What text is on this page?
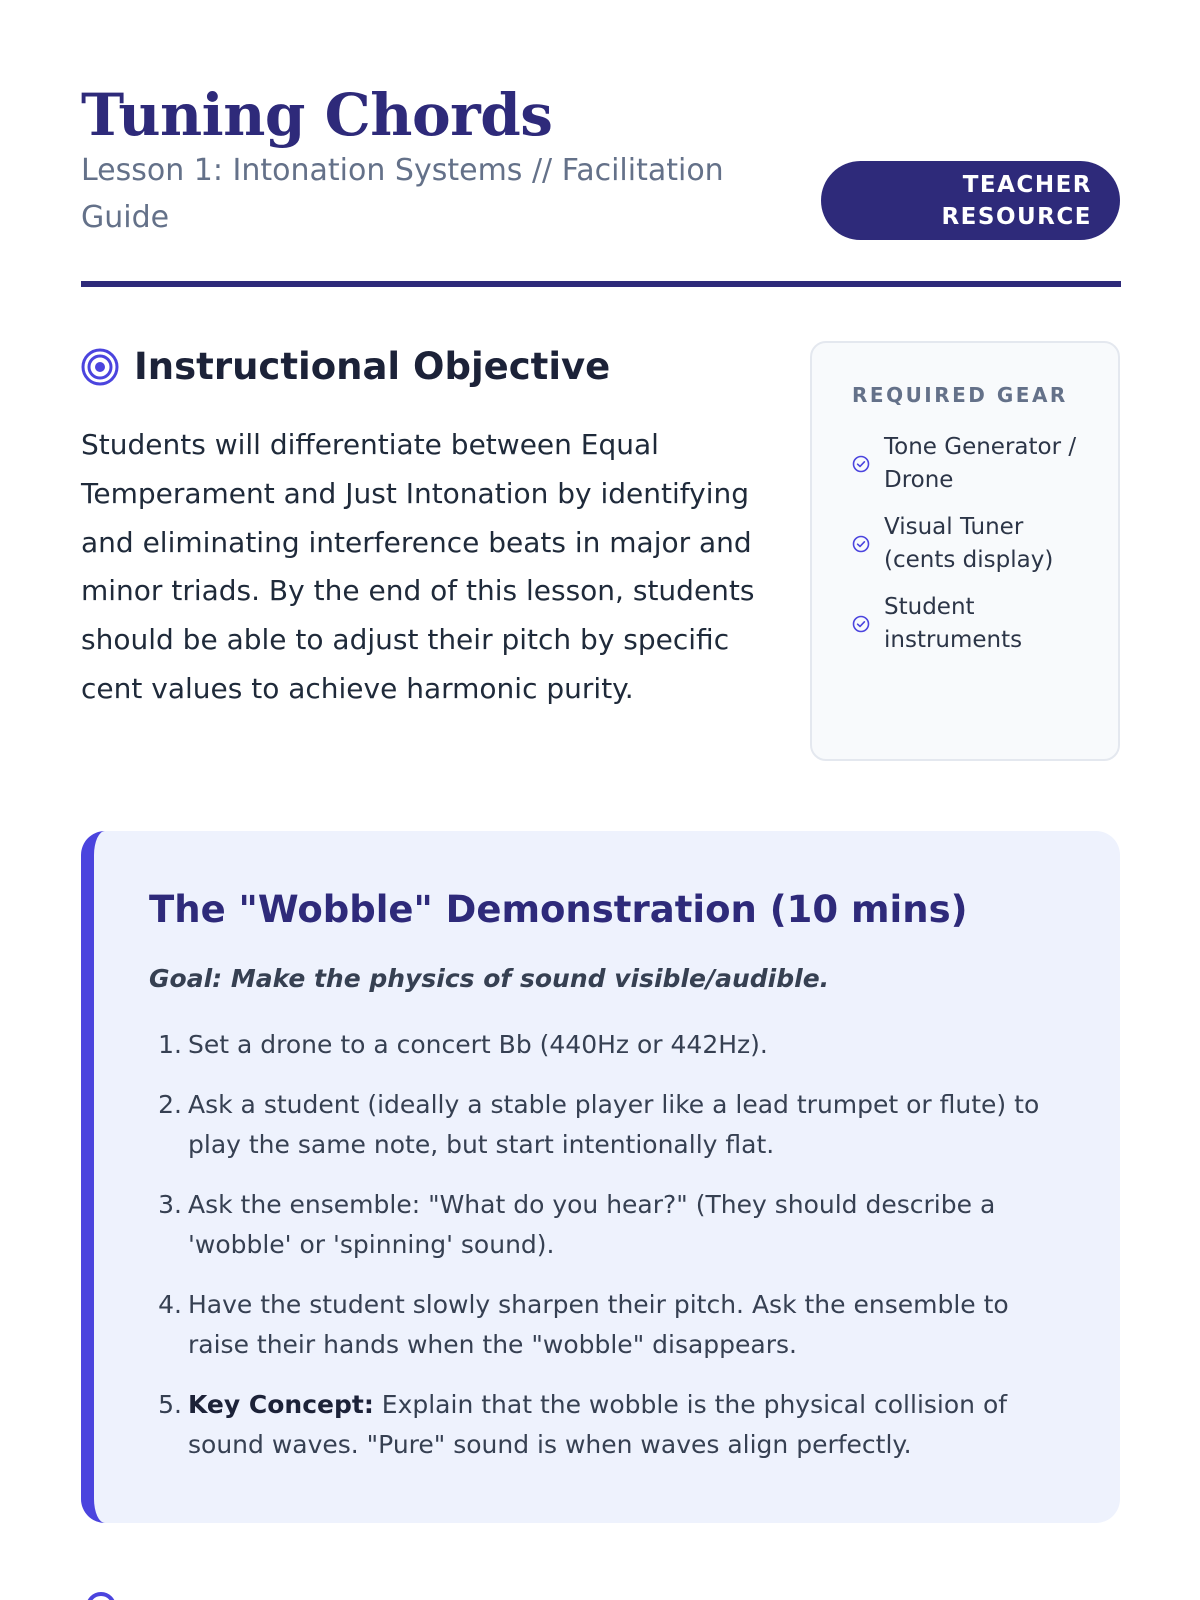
Tuning Chords

Lesson 1: Intonation Systems // Facilitation Guide

TEACHER
RESOURCE
Instructional Objective

Students will differentiate between Equal Temperament and Just Intonation by identifying and eliminating interference beats in major and minor triads. By the end of this lesson, students should be able to adjust their pitch by specific cent values to achieve harmonic purity.

REQUIRED GEAR
Tone Generator / Drone
Visual Tuner (cents display)
Student instruments
The "Wobble" Demonstration (10 mins)

Goal: Make the physics of sound visible/audible.

1. Set a drone to a concert Bb (440Hz or 442Hz).
2. Ask a student (ideally a stable player like a lead trumpet or flute) to play the same note, but start intentionally flat.
3. Ask the ensemble: "What do you hear?" (They should describe a 'wobble' or 'spinning' sound).
4. Have the student slowly sharpen their pitch. Ask the ensemble to raise their hands when the "wobble" disappears.
5. Key Concept: Explain that the wobble is the physical collision of sound waves. "Pure" sound is when waves align perfectly.
